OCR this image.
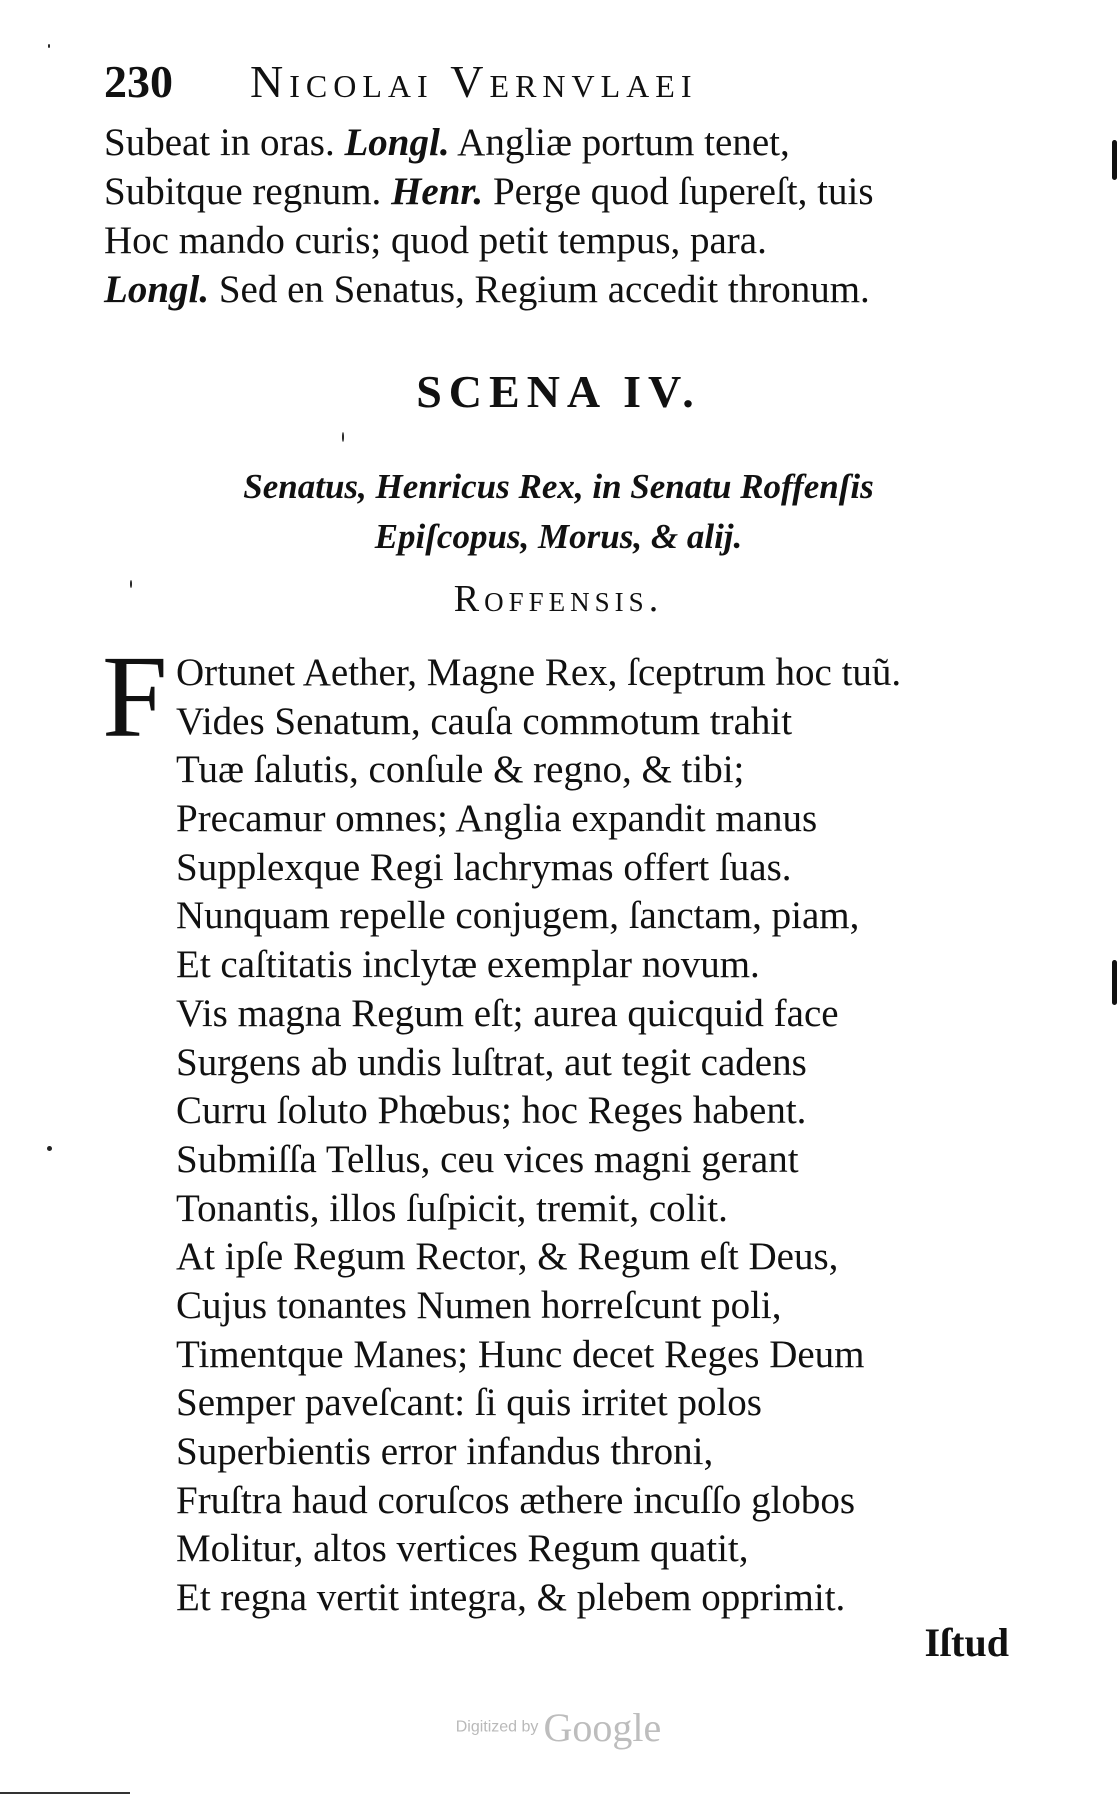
230 Nicolai Vernvlaei
Subeat in oras. Longl. Angliæ portum tenet,
Subitque regnum. Henr. Perge quod ſupereſt, tuis
Hoc mando curis; quod petit tempus, para.
Longl. Sed en Senatus, Regium accedit thronum.
SCENA IV.
Senatus, Henricus Rex, in Senatu Roffenſis
Epiſcopus, Morus, & alij.
Roffensis.
F Ortunet Aether, Magne Rex, ſceptrum hoc tuũ.
Vides Senatum, cauſa commotum trahit
Tuæ ſalutis, conſule & regno, & tibi;
Precamur omnes; Anglia expandit manus
Supplexque Regi lachrymas offert ſuas.
Nunquam repelle conjugem, ſanctam, piam,
Et caſtitatis inclytæ exemplar novum.
Vis magna Regum eſt; aurea quicquid face
Surgens ab undis luſtrat, aut tegit cadens
Curru ſoluto Phœbus; hoc Reges habent.
Submiſſa Tellus, ceu vices magni gerant
Tonantis, illos ſuſpicit, tremit, colit.
At ipſe Regum Rector, & Regum eſt Deus,
Cujus tonantes Numen horreſcunt poli,
Timentque Manes; Hunc decet Reges Deum
Semper paveſcant: ſi quis irritet polos
Superbientis error infandus throni,
Fruſtra haud coruſcos æthere incuſſo globos
Molitur, altos vertices Regum quatit,
Et regna vertit integra, & plebem opprimit.
Iſtud
Digitized by Google
